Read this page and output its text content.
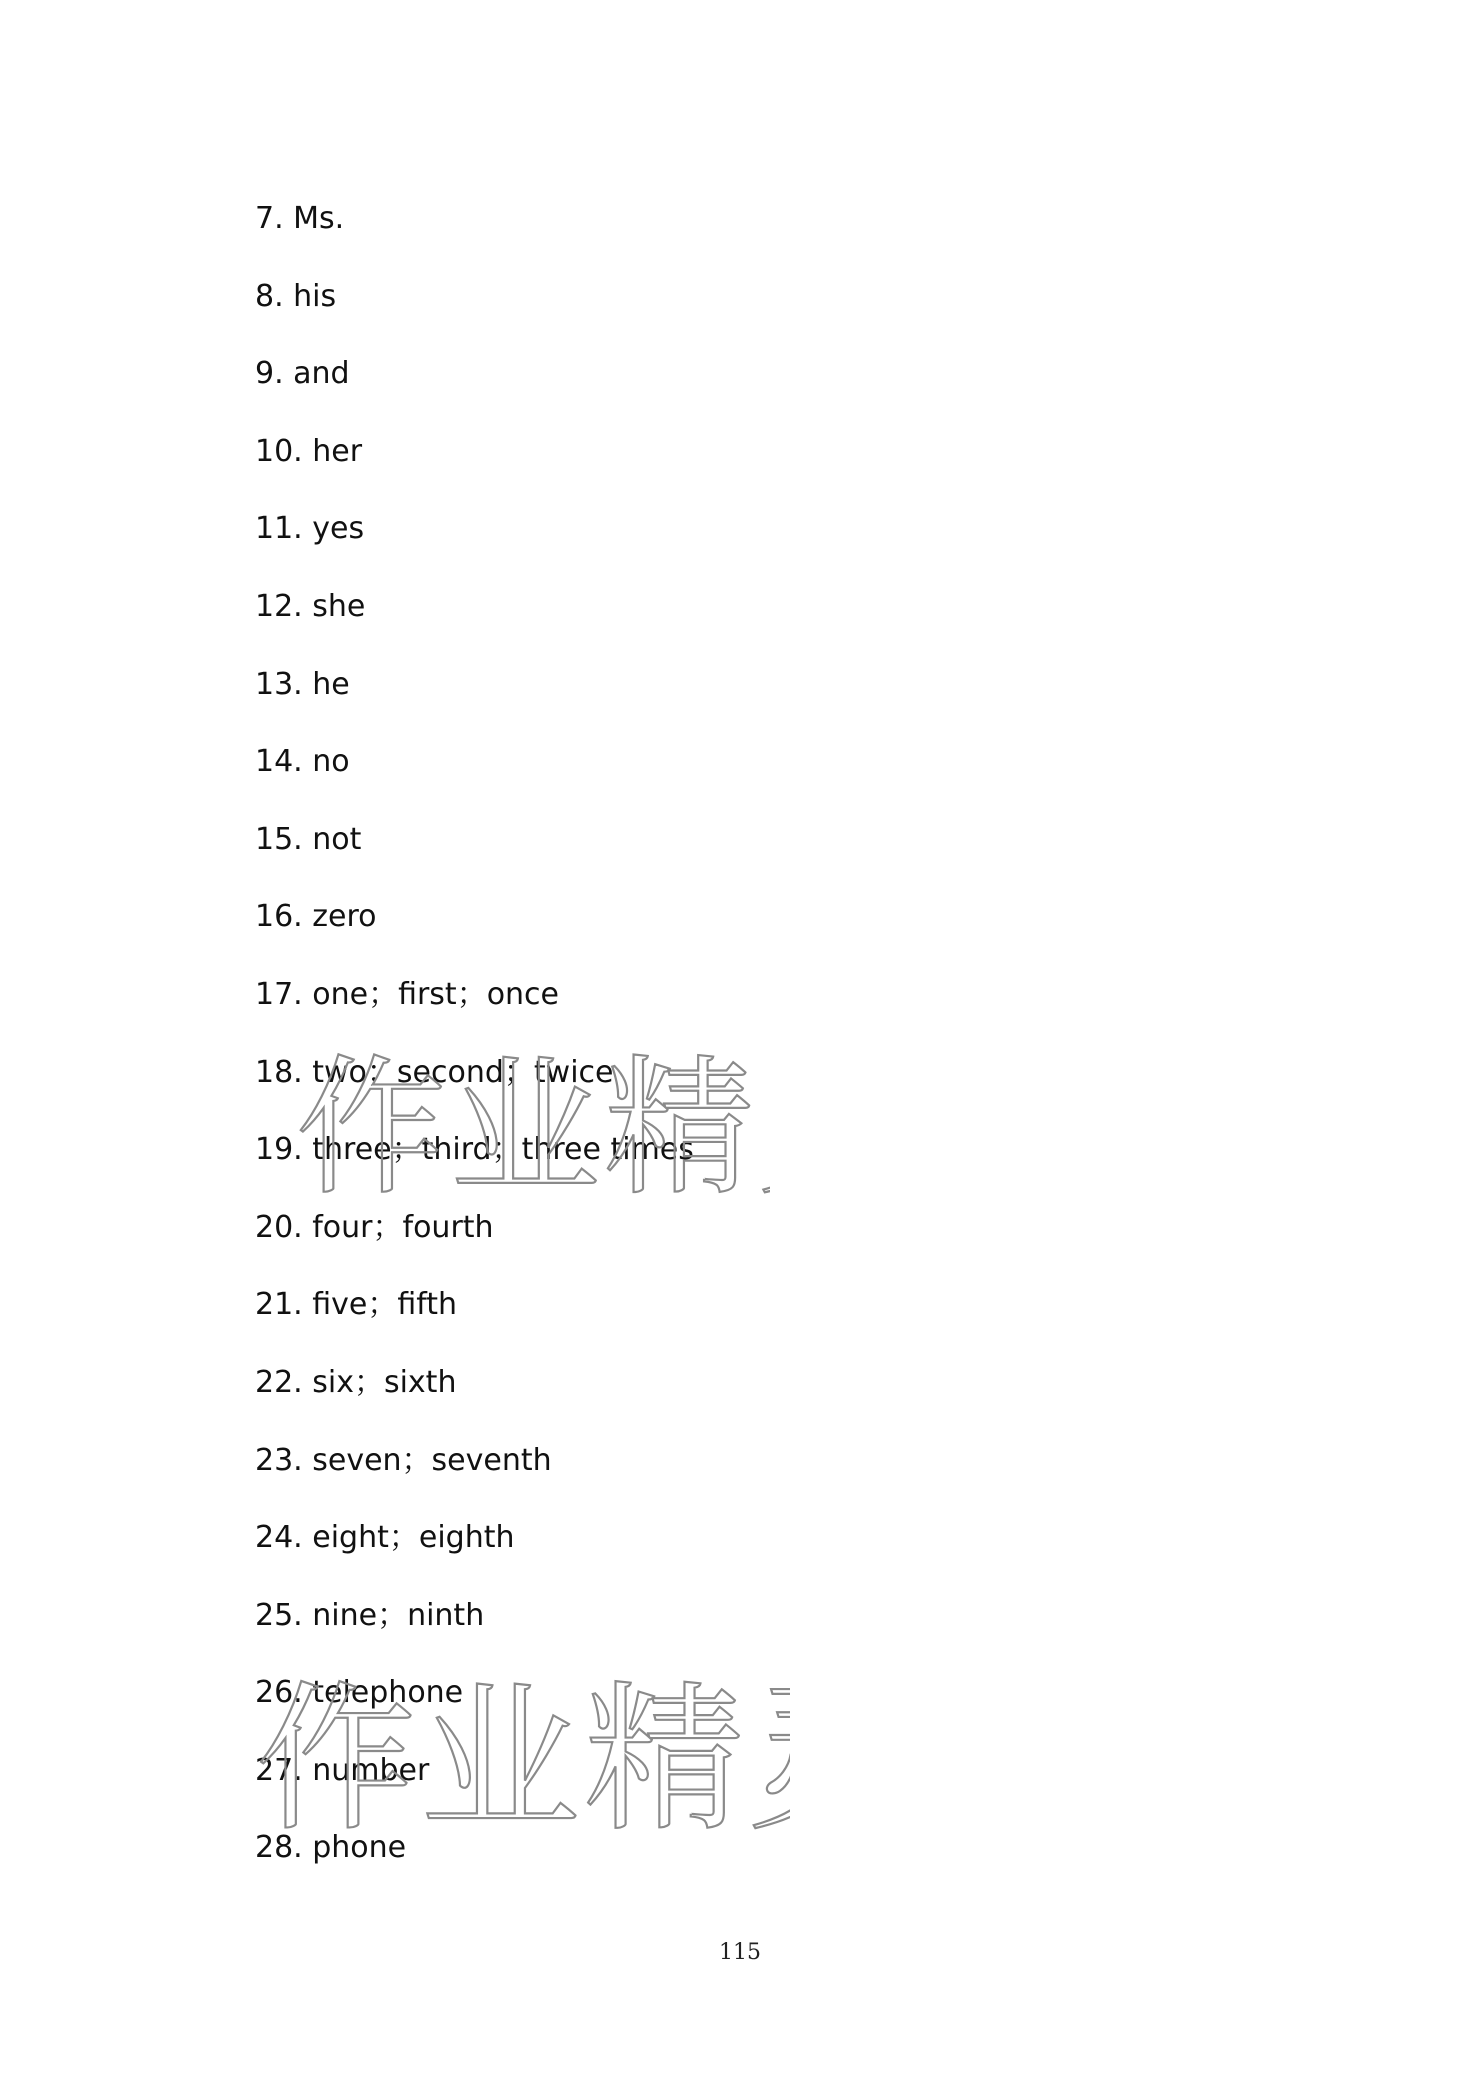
7. Ms.
8. his
9. and
10. her
11. yes
12. she
13. he
14. no
15. not
16. zero
17. one；first；once
18. two；second；twice
19. three；third；three times
20. four；fourth
21. five；fifth
22. six；sixth
23. seven；seventh
24. eight；eighth
25. nine；ninth
26. telephone
27. number
28. phone
作业精
作业精
115
